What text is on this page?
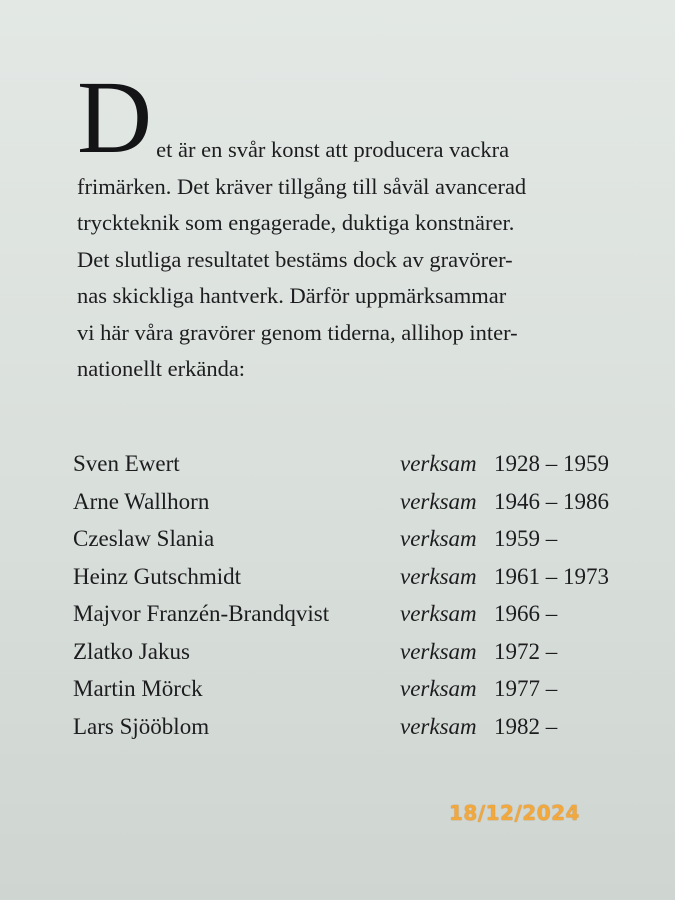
D et är en svår konst att producera vackra
frimärken. Det kräver tillgång till såväl avancerad
tryckteknik som engagerade, duktiga konstnärer.
Det slutliga resultatet bestäms dock av gravörer-
nas skickliga hantverk. Därför uppmärksammar
vi här våra gravörer genom tiderna, allihop inter-
nationellt erkända:
Sven Ewert	verksam 1928 – 1959
Arne Wallhorn	verksam 1946 – 1986
Czeslaw Slania	verksam 1959 –
Heinz Gutschmidt	verksam 1961 – 1973
Majvor Franzén-Brandqvist	verksam 1966 –
Zlatko Jakus	verksam 1972 –
Martin Mörck	verksam 1977 –
Lars Sjööblom	verksam 1982 –
18/12/2024
